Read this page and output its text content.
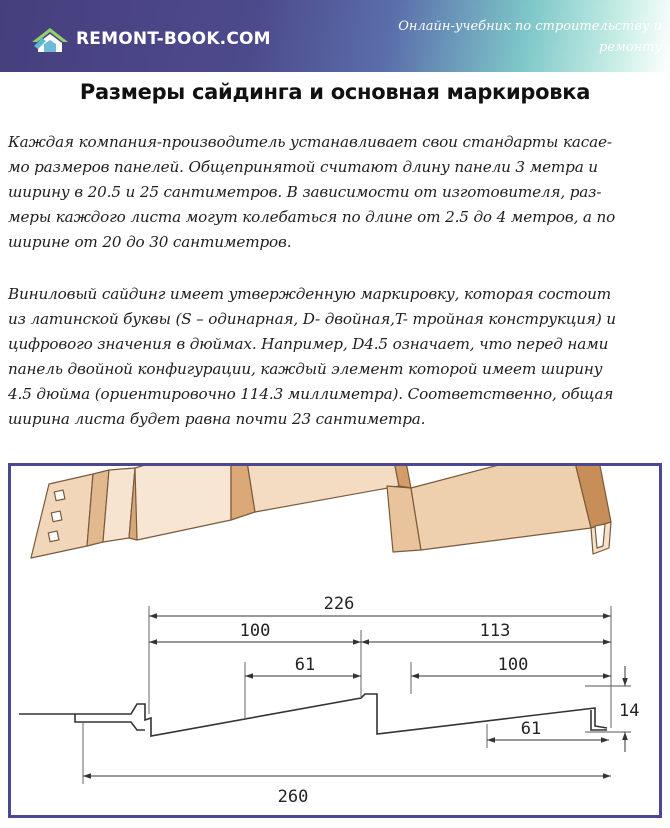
REMONT-BOOK.COM
Онлайн-учебник по строительству и
ремонту
Размеры сайдинга и основная маркировка
Каждая компания-производитель устанавливает свои стандарты касае-
мо размеров панелей. Общепринятой считают длину панели 3 метра и
ширину в 20.5 и 25 сантиметров. В зависимости от изготовителя, раз-
меры каждого листа могут колебаться по длине от 2.5 до 4 метров, а по
ширине от 20 до 30 сантиметров.
Виниловый сайдинг имеет утвержденную маркировку, которая состоит
из латинской буквы (S – одинарная, D- двойная,T- тройная конструкция) и
цифрового значения в дюймах. Например, D4.5 означает, что перед нами
панель двойной конфигурации, каждый элемент которой имеет ширину
4.5 дюйма (ориентировочно 114.3 миллиметра). Соответственно, общая
ширина листа будет равна почти 23 сантиметра.
226
100	113
61	100
61
14
260
